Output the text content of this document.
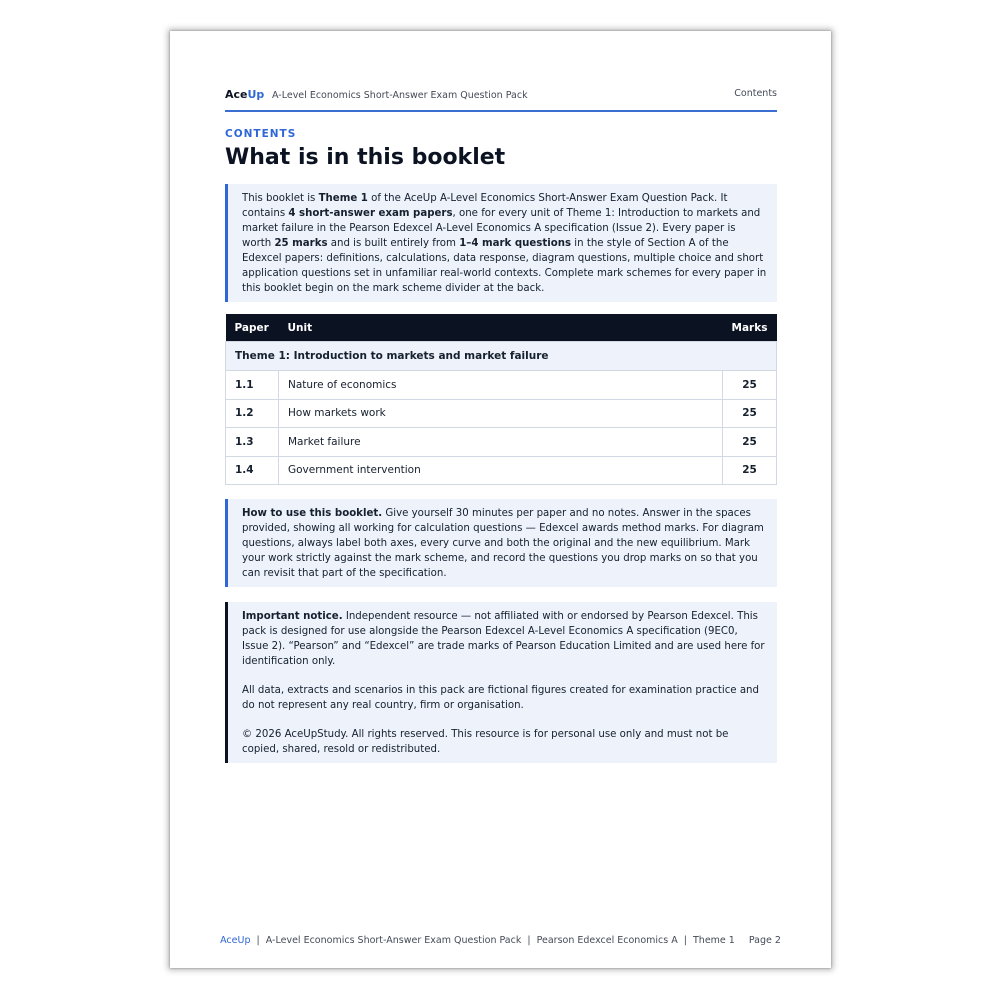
AceUp A-Level Economics Short-Answer Exam Question Pack	Contents
CONTENTS
What is in this booklet

This booklet is Theme 1 of the AceUp A-Level Economics Short-Answer Exam Question Pack. It contains 4 short-answer exam papers, one for every unit of Theme 1: Introduction to markets and market failure in the Pearson Edexcel A-Level Economics A specification (Issue 2). Every paper is worth 25 marks and is built entirely from 1–4 mark questions in the style of Section A of the Edexcel papers: definitions, calculations, data response, diagram questions, multiple choice and short application questions set in unfamiliar real-world contexts. Complete mark schemes for every paper in this booklet begin on the mark scheme divider at the back.

Paper	Unit	Marks
Theme 1: Introduction to markets and market failure		
1.1	Nature of economics	25
1.2	How markets work	25
1.3	Market failure	25
1.4	Government intervention	25

How to use this booklet. Give yourself 30 minutes per paper and no notes. Answer in the spaces provided, showing all working for calculation questions — Edexcel awards method marks. For diagram questions, always label both axes, every curve and both the original and the new equilibrium. Mark your work strictly against the mark scheme, and record the questions you drop marks on so that you can revisit that part of the specification.

Important notice. Independent resource — not affiliated with or endorsed by Pearson Edexcel. This pack is designed for use alongside the Pearson Edexcel A-Level Economics A specification (9EC0, Issue 2). “Pearson” and “Edexcel” are trade marks of Pearson Education Limited and are used here for identification only.

All data, extracts and scenarios in this pack are fictional figures created for examination practice and do not represent any real country, firm or organisation.

© 2026 AceUpStudy. All rights reserved. This resource is for personal use only and must not be copied, shared, resold or redistributed.

AceUp  |  A-Level Economics Short-Answer Exam Question Pack  |  Pearson Edexcel Economics A  |  Theme 1 Page 2
